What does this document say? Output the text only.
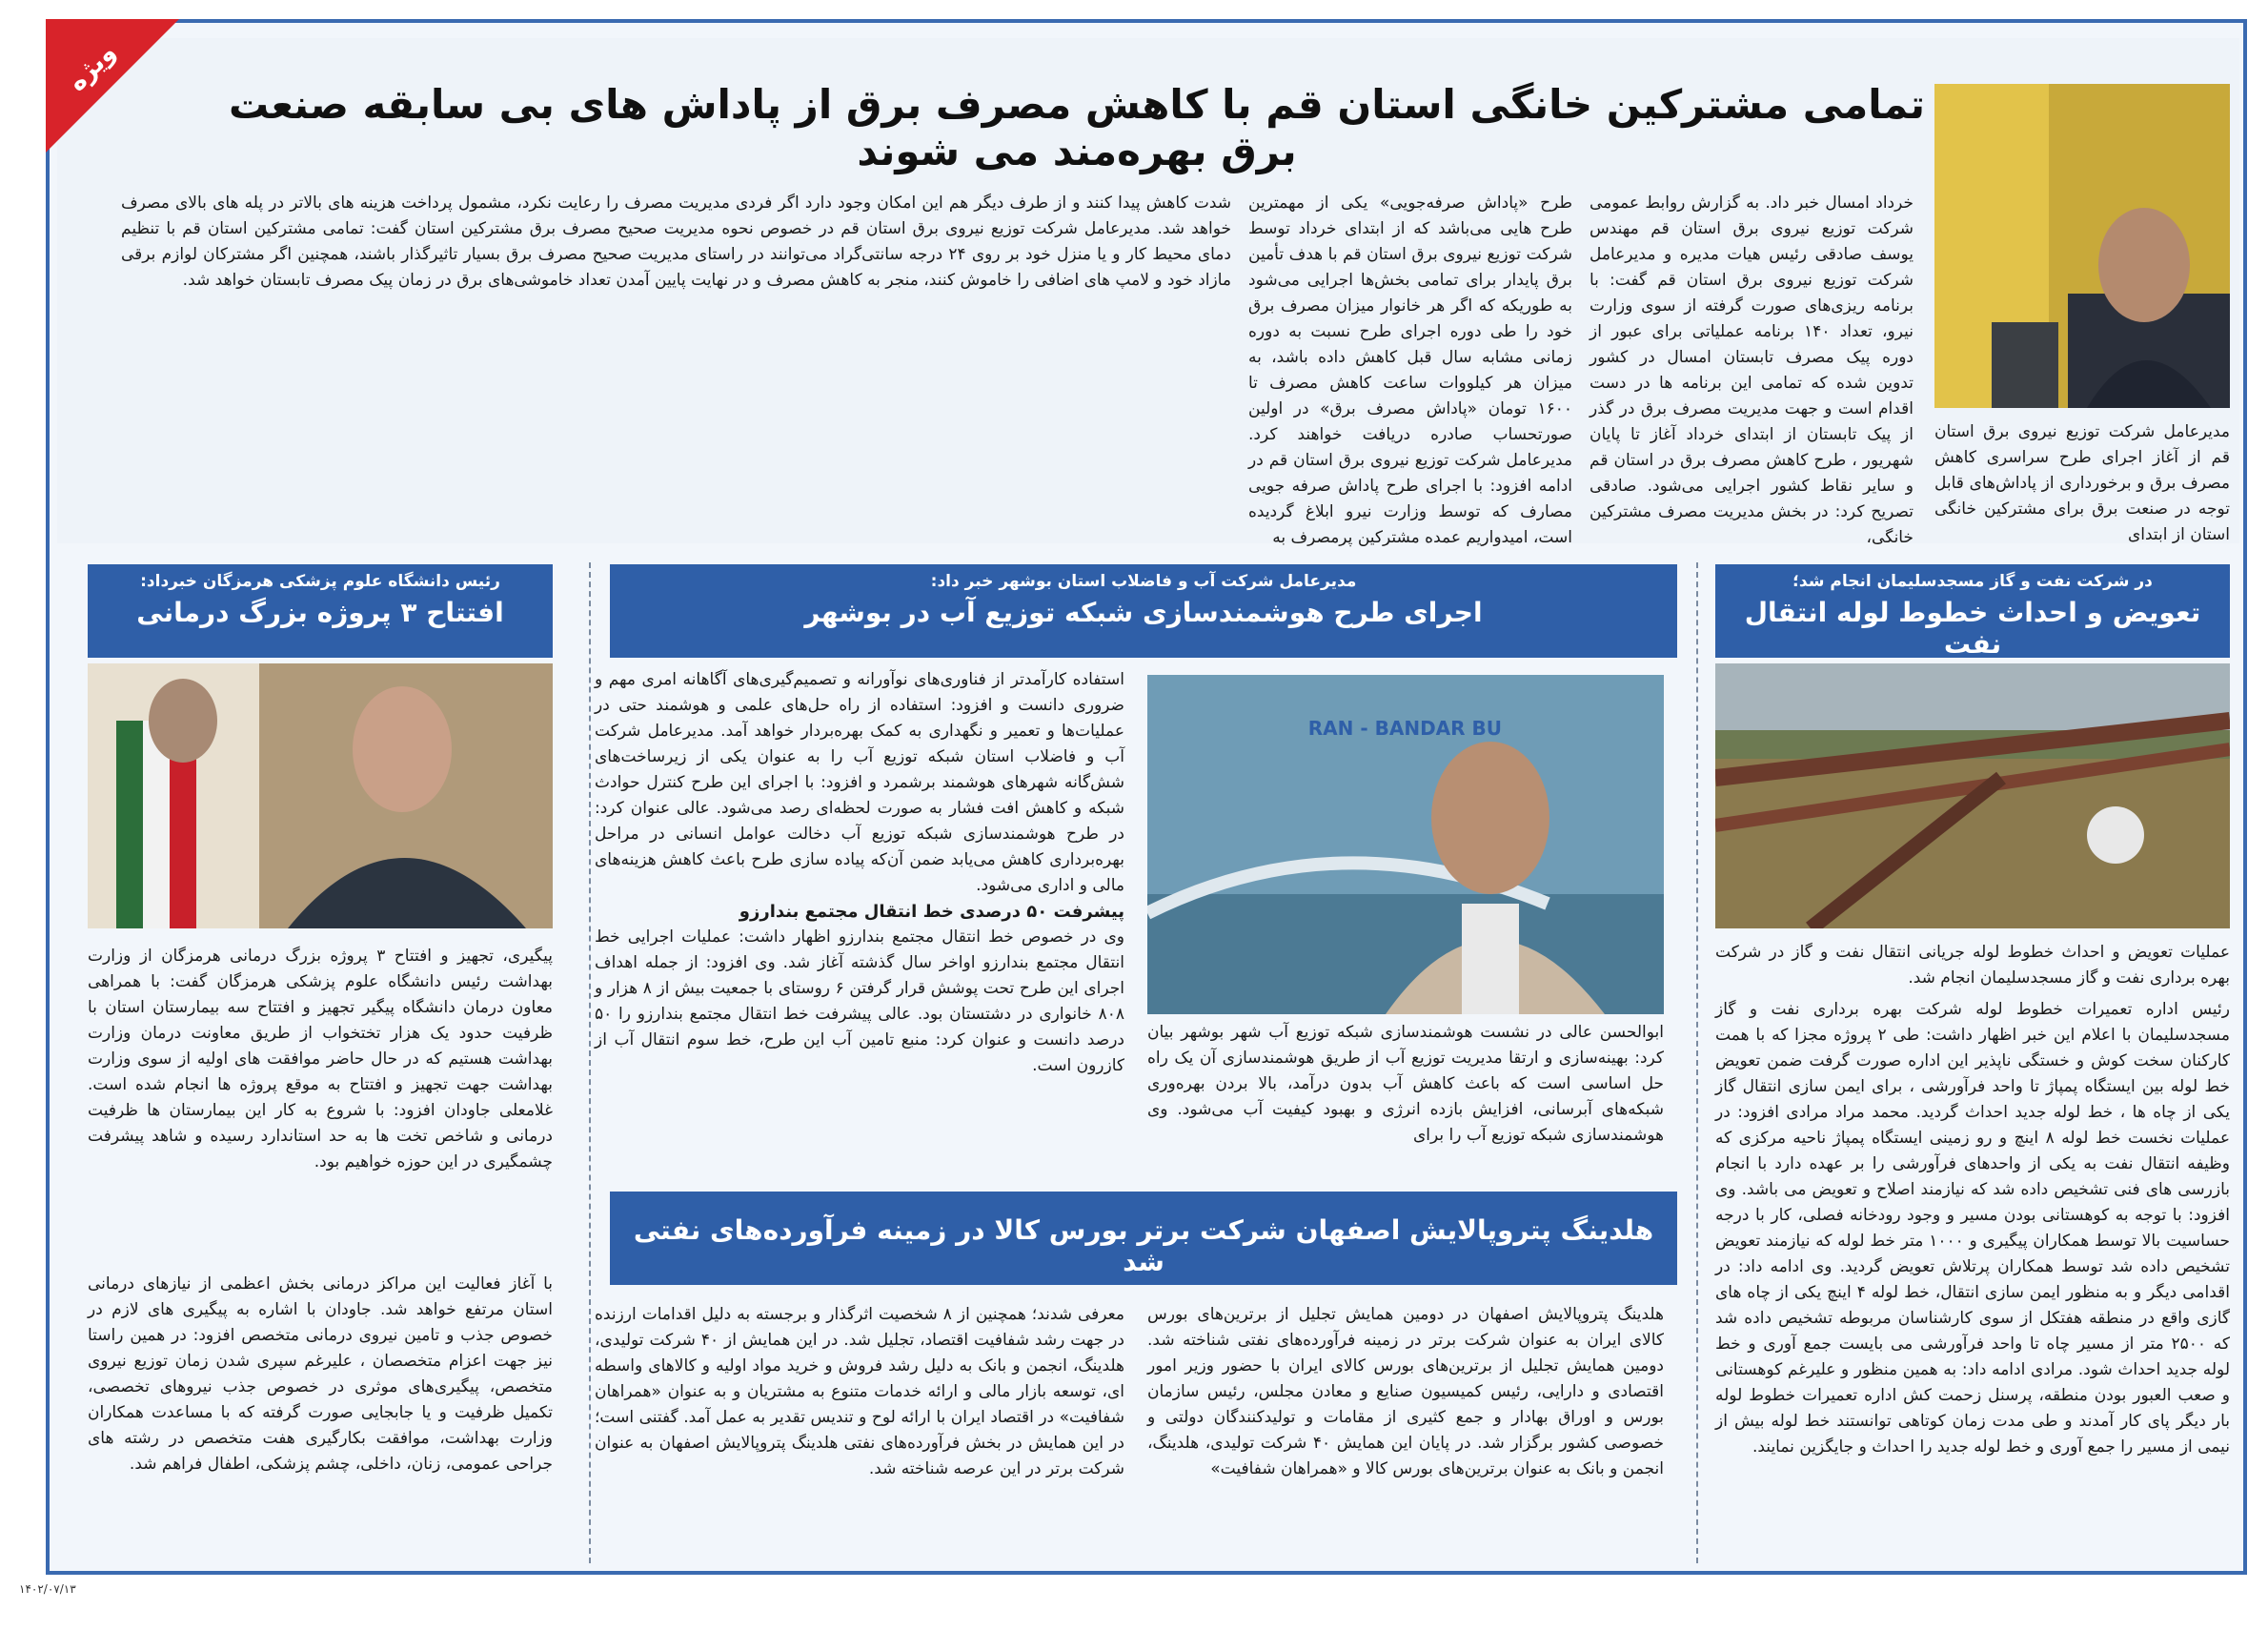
ویژه
تمامی مشترکین خانگی استان قم با کاهش مصرف برق از پاداش های بی سابقه صنعت برق بهره‌مند می شوند
مدیرعامل شرکت توزیع نیروی برق استان قم از آغاز اجرای طرح سراسری کاهش مصرف برق و برخورداری از پاداش‌های قابل توجه در صنعت برق برای مشترکین خانگی استان از ابتدای
خرداد امسال خبر داد. به گزارش روابط عمومی شرکت توزیع نیروی برق استان قم مهندس یوسف صادقی رئیس هیات مدیره و مدیرعامل شرکت توزیع نیروی برق استان قم گفت: با برنامه ریزی‌های صورت گرفته از سوی وزارت نیرو، تعداد ۱۴۰ برنامه عملیاتی برای عبور از دوره پیک مصرف تابستان امسال در کشور تدوین شده که تمامی این برنامه ها در دست اقدام است و جهت مدیریت مصرف برق در گذر از پیک تابستان از ابتدای خرداد آغاز تا پایان شهریور ، طرح کاهش مصرف برق در استان قم و سایر نقاط کشور اجرایی می‌شود. صادقی تصریح کرد: در بخش مدیریت مصرف مشترکین خانگی،
طرح «پاداش صرفه‌جویی» یکی از مهمترین طرح هایی می‌باشد که از ابتدای خرداد توسط شرکت توزیع نیروی برق استان قم با هدف تأمین برق پایدار برای تمامی بخش‌ها اجرایی می‌شود به طوریکه که اگر هر خانوار میزان مصرف برق خود را طی دوره اجرای طرح نسبت به دوره زمانی مشابه سال قبل کاهش داده باشد، به میزان هر کیلووات ساعت کاهش مصرف تا ۱۶۰۰ تومان «پاداش مصرف برق» در اولین صورتحساب صادره دریافت خواهند کرد. مدیرعامل شرکت توزیع نیروی برق استان قم در ادامه افزود: با اجرای طرح پاداش صرفه جویی مصارف که توسط وزارت نیرو ابلاغ گردیده است، امیدواریم عمده مشترکین پرمصرف به
شدت کاهش پیدا کنند و از طرف دیگر هم این امکان وجود دارد اگر فردی مدیریت مصرف را رعایت نکرد، مشمول پرداخت هزینه های بالاتر در پله های بالای مصرف خواهد شد. مدیرعامل شرکت توزیع نیروی برق استان قم در خصوص نحوه مدیریت صحیح مصرف برق مشترکین استان گفت: تمامی مشترکین استان قم با تنظیم دمای محیط کار و یا منزل خود بر روی ۲۴ درجه سانتی‌گراد می‌توانند در راستای مدیریت صحیح مصرف برق بسیار تاثیرگذار باشند، همچنین اگر مشترکان لوازم برقی مازاد خود و لامپ های اضافی را خاموش کنند، منجر به کاهش مصرف و در نهایت پایین آمدن تعداد خاموشی‌های برق در زمان پیک مصرف تابستان خواهد شد.
در شرکت نفت و گاز مسجدسلیمان انجام شد؛
تعویض و احداث خطوط لوله انتقال نفت
عملیات تعویض و احداث خطوط لوله جریانی انتقال نفت و گاز در شرکت بهره برداری نفت و گاز مسجدسلیمان انجام شد.
رئیس اداره تعمیرات خطوط لوله شرکت بهره برداری نفت و گاز مسجدسلیمان با اعلام این خبر اظهار داشت: طی ۲ پروژه مجزا که با همت کارکنان سخت کوش و خستگی ناپذیر این اداره صورت گرفت ضمن تعویض خط لوله بین ایستگاه پمپاژ تا واحد فرآورشی ، برای ایمن سازی انتقال گاز یکی از چاه ها ، خط لوله جدید احداث گردید. محمد مراد مرادی افزود: در عملیات نخست خط لوله ۸ اینچ و رو زمینی ایستگاه پمپاژ ناحیه مرکزی که وظیفه انتقال نفت به یکی از واحدهای فرآورشی را بر عهده دارد با انجام بازرسی های فنی تشخیص داده شد که نیازمند اصلاح و تعویض می باشد. وی افزود: با توجه به کوهستانی بودن مسیر و وجود رودخانه فصلی، کار با درجه حساسیت بالا توسط همکاران پیگیری و ۱۰۰۰ متر خط لوله که نیازمند تعویض تشخیص داده شد توسط همکاران پرتلاش تعویض گردید. وی ادامه داد: در اقدامی دیگر و به منظور ایمن سازی انتقال، خط لوله ۴ اینچ یکی از چاه های گازی واقع در منطقه هفتکل از سوی کارشناسان مربوطه تشخیص داده شد که ۲۵۰۰ متر از مسیر چاه تا واحد فرآورشی می بایست جمع آوری و خط لوله جدید احداث شود. مرادی ادامه داد: به همین منظور و علیرغم کوهستانی و صعب العبور بودن منطقه، پرسنل زحمت کش اداره تعمیرات خطوط لوله بار دیگر پای کار آمدند و طی مدت زمان کوتاهی توانستند خط لوله بیش از نیمی از مسیر را جمع آوری و خط لوله جدید را احداث و جایگزین نمایند.
مدیرعامل شرکت آب و فاضلاب استان بوشهر خبر داد:
اجرای طرح هوشمندسازی شبکه توزیع آب در بوشهر
RAN - BANDAR BU
ابوالحسن عالی در نشست هوشمندسازی شبکه توزیع آب شهر بوشهر بیان کرد: بهینه‌سازی و ارتقا مدیریت توزیع آب از طریق هوشمندسازی آن یک راه حل اساسی است که باعث کاهش آب بدون درآمد، بالا بردن بهره‌وری شبکه‌های آبرسانی، افزایش بازده انرژی و بهبود کیفیت آب می‌شود. وی هوشمندسازی شبکه توزیع آب را برای
استفاده کارآمدتر از فناوری‌های نوآورانه و تصمیم‌گیری‌های آگاهانه امری مهم و ضروری دانست و افزود: استفاده از راه حل‌های علمی و هوشمند حتی در عملیات‌ها و تعمیر و نگهداری به کمک بهره‌بردار خواهد آمد. مدیرعامل شرکت آب و فاضلاب استان شبکه توزیع آب را به عنوان یکی از زیرساخت‌های شش‌گانه شهرهای هوشمند برشمرد و افزود: با اجرای این طرح کنترل حوادث شبکه و کاهش افت فشار به صورت لحظه‌ای رصد می‌شود. عالی عنوان کرد: در طرح هوشمندسازی شبکه توزیع آب دخالت عوامل انسانی در مراحل بهره‌برداری کاهش می‌یابد ضمن آن‌که پیاده سازی طرح باعث کاهش هزینه‌های مالی و اداری می‌شود.
پیشرفت ۵۰ درصدی خط انتقال مجتمع بندارزو
وی در خصوص خط انتقال مجتمع بندارزو اظهار داشت: عملیات اجرایی خط انتقال مجتمع بندارزو اواخر سال گذشته آغاز شد. وی افزود: از جمله اهداف اجرای این طرح تحت پوشش قرار گرفتن ۶ روستای با جمعیت بیش از ۸ هزار و ۸۰۸ خانواری در دشتستان بود. عالی پیشرفت خط انتقال مجتمع بندارزو را ۵۰ درصد دانست و عنوان کرد: منبع تامین آب این طرح، خط سوم انتقال آب از کازرون است.
هلدینگ پتروپالایش اصفهان شرکت برتر بورس کالا در زمینه فرآورده‌های نفتی شد
هلدینگ پتروپالایش اصفهان در دومین همایش تجلیل از برترین‌های بورس کالای ایران به عنوان شرکت برتر در زمینه فرآورده‌های نفتی شناخته شد. دومین همایش تجلیل از برترین‌های بورس کالای ایران با حضور وزیر امور اقتصادی و دارایی، رئیس کمیسیون صنایع و معادن مجلس، رئیس سازمان بورس و اوراق بهادار و جمع کثیری از مقامات و تولیدکنندگان دولتی و خصوصی کشور برگزار شد. در پایان این همایش ۴۰ شرکت تولیدی، هلدینگ، انجمن و بانک به عنوان برترین‌های بورس کالا و «همراهان شفافیت»
معرفی شدند؛ همچنین از ۸ شخصیت اثرگذار و برجسته به دلیل اقدامات ارزنده در جهت رشد شفافیت اقتصاد، تجلیل شد. در این همایش از ۴۰ شرکت تولیدی، هلدینگ، انجمن و بانک به دلیل رشد فروش و خرید مواد اولیه و کالاهای واسطه ای، توسعه بازار مالی و ارائه خدمات متنوع به مشتریان و به عنوان «همراهان شفافیت» در اقتصاد ایران با ارائه لوح و تندیس تقدیر به عمل آمد. گفتنی است؛ در این همایش در بخش فرآورده‌های نفتی هلدینگ پتروپالایش اصفهان به عنوان شرکت برتر در این عرصه شناخته شد.
رئیس دانشگاه علوم پزشکی هرمزگان خبرداد:
افتتاح ۳ پروژه بزرگ درمانی
پیگیری، تجهیز و افتتاح ۳ پروژه بزرگ درمانی هرمزگان از وزارت بهداشت رئیس دانشگاه علوم پزشکی هرمزگان گفت: با همراهی معاون درمان دانشگاه پیگیر تجهیز و افتتاح سه بیمارستان استان با ظرفیت حدود یک هزار تختخواب از طریق معاونت درمان وزارت بهداشت هستیم که در حال حاضر موافقت های اولیه از سوی وزارت بهداشت جهت تجهیز و افتتاح به موقع پروژه ها انجام شده است. غلامعلی جاودان افزود: با شروع به کار این بیمارستان ها ظرفیت درمانی و شاخص تخت ها به حد استاندارد رسیده و شاهد پیشرفت چشمگیری در این حوزه خواهیم بود.
با آغاز فعالیت این مراکز درمانی بخش اعظمی از نیازهای درمانی استان مرتفع خواهد شد. جاودان با اشاره به پیگیری های لازم در خصوص جذب و تامین نیروی درمانی متخصص افزود: در همین راستا نیز جهت اعزام متخصصان ، علیرغم سپری شدن زمان توزیع نیروی متخصص، پیگیری‌های موثری در خصوص جذب نیروهای تخصصی، تکمیل ظرفیت و یا جابجایی صورت گرفته که با مساعدت همکاران وزارت بهداشت، موافقت بکارگیری هفت متخصص در رشته های جراحی عمومی، زنان، داخلی، چشم پزشکی، اطفال فراهم شد.
۱۴۰۲/۰۷/۱۳
